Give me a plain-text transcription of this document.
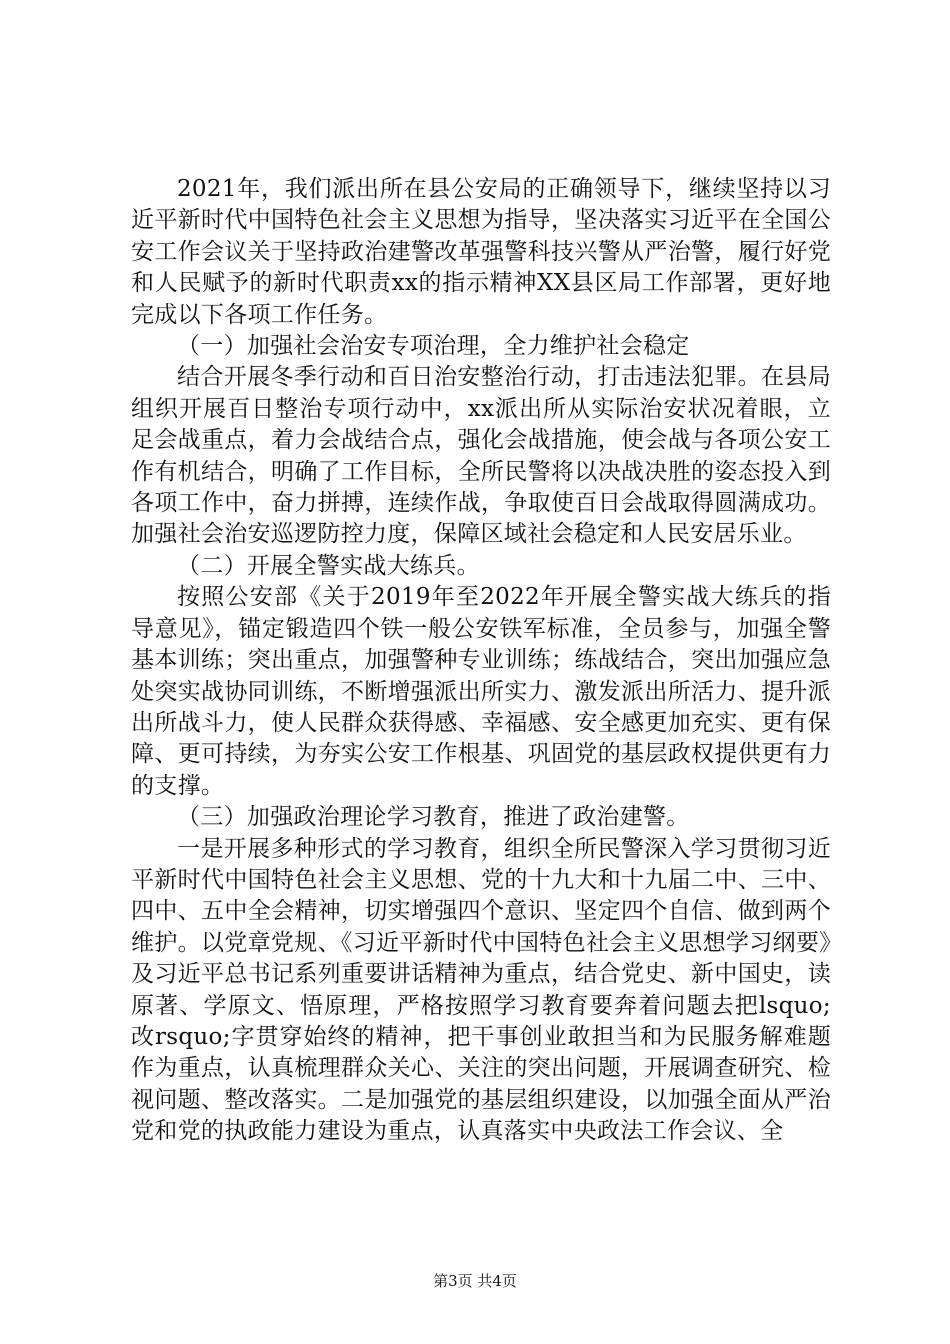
2021年，我们派出所在县公安局的正确领导下，继续坚持以习近平新时代中国特色社会主义思想为指导，坚决落实习近平在全国公安工作会议关于坚持政治建警改革强警科技兴警从严治警，履行好党和人民赋予的新时代职责xx的指示精神XX县区局工作部署，更好地完成以下各项工作任务。

（一）加强社会治安专项治理，全力维护社会稳定

结合开展冬季行动和百日治安整治行动，打击违法犯罪。在县局组织开展百日整治专项行动中，xx派出所从实际治安状况着眼，立足会战重点，着力会战结合点，强化会战措施，使会战与各项公安工作有机结合，明确了工作目标，全所民警将以决战决胜的姿态投入到各项工作中，奋力拼搏，连续作战，争取使百日会战取得圆满成功。加强社会治安巡逻防控力度，保障区域社会稳定和人民安居乐业。

（二）开展全警实战大练兵。

按照公安部《关于2019年至2022年开展全警实战大练兵的指导意见》，锚定锻造四个铁一般公安铁军标准，全员参与，加强全警基本训练；突出重点，加强警种专业训练；练战结合，突出加强应急处突实战协同训练，不断增强派出所实力、激发派出所活力、提升派出所战斗力，使人民群众获得感、幸福感、安全感更加充实、更有保障、更可持续，为夯实公安工作根基、巩固党的基层政权提供更有力的支撑。

（三）加强政治理论学习教育，推进了政治建警。

一是开展多种形式的学习教育，组织全所民警深入学习贯彻习近平新时代中国特色社会主义思想、党的十九大和十九届二中、三中、四中、五中全会精神，切实增强四个意识、坚定四个自信、做到两个维护。以党章党规、《习近平新时代中国特色社会主义思想学习纲要》及习近平总书记系列重要讲话精神为重点，结合党史、新中国史，读原著、学原文、悟原理，严格按照学习教育要奔着问题去把lsquo;改rsquo;字贯穿始终的精神，把干事创业敢担当和为民服务解难题作为重点，认真梳理群众关心、关注的突出问题，开展调查研究、检视问题、整改落实。二是加强党的基层组织建设，以加强全面从严治党和党的执政能力建设为重点，认真落实中央政法工作会议、全

第3页 共4页
